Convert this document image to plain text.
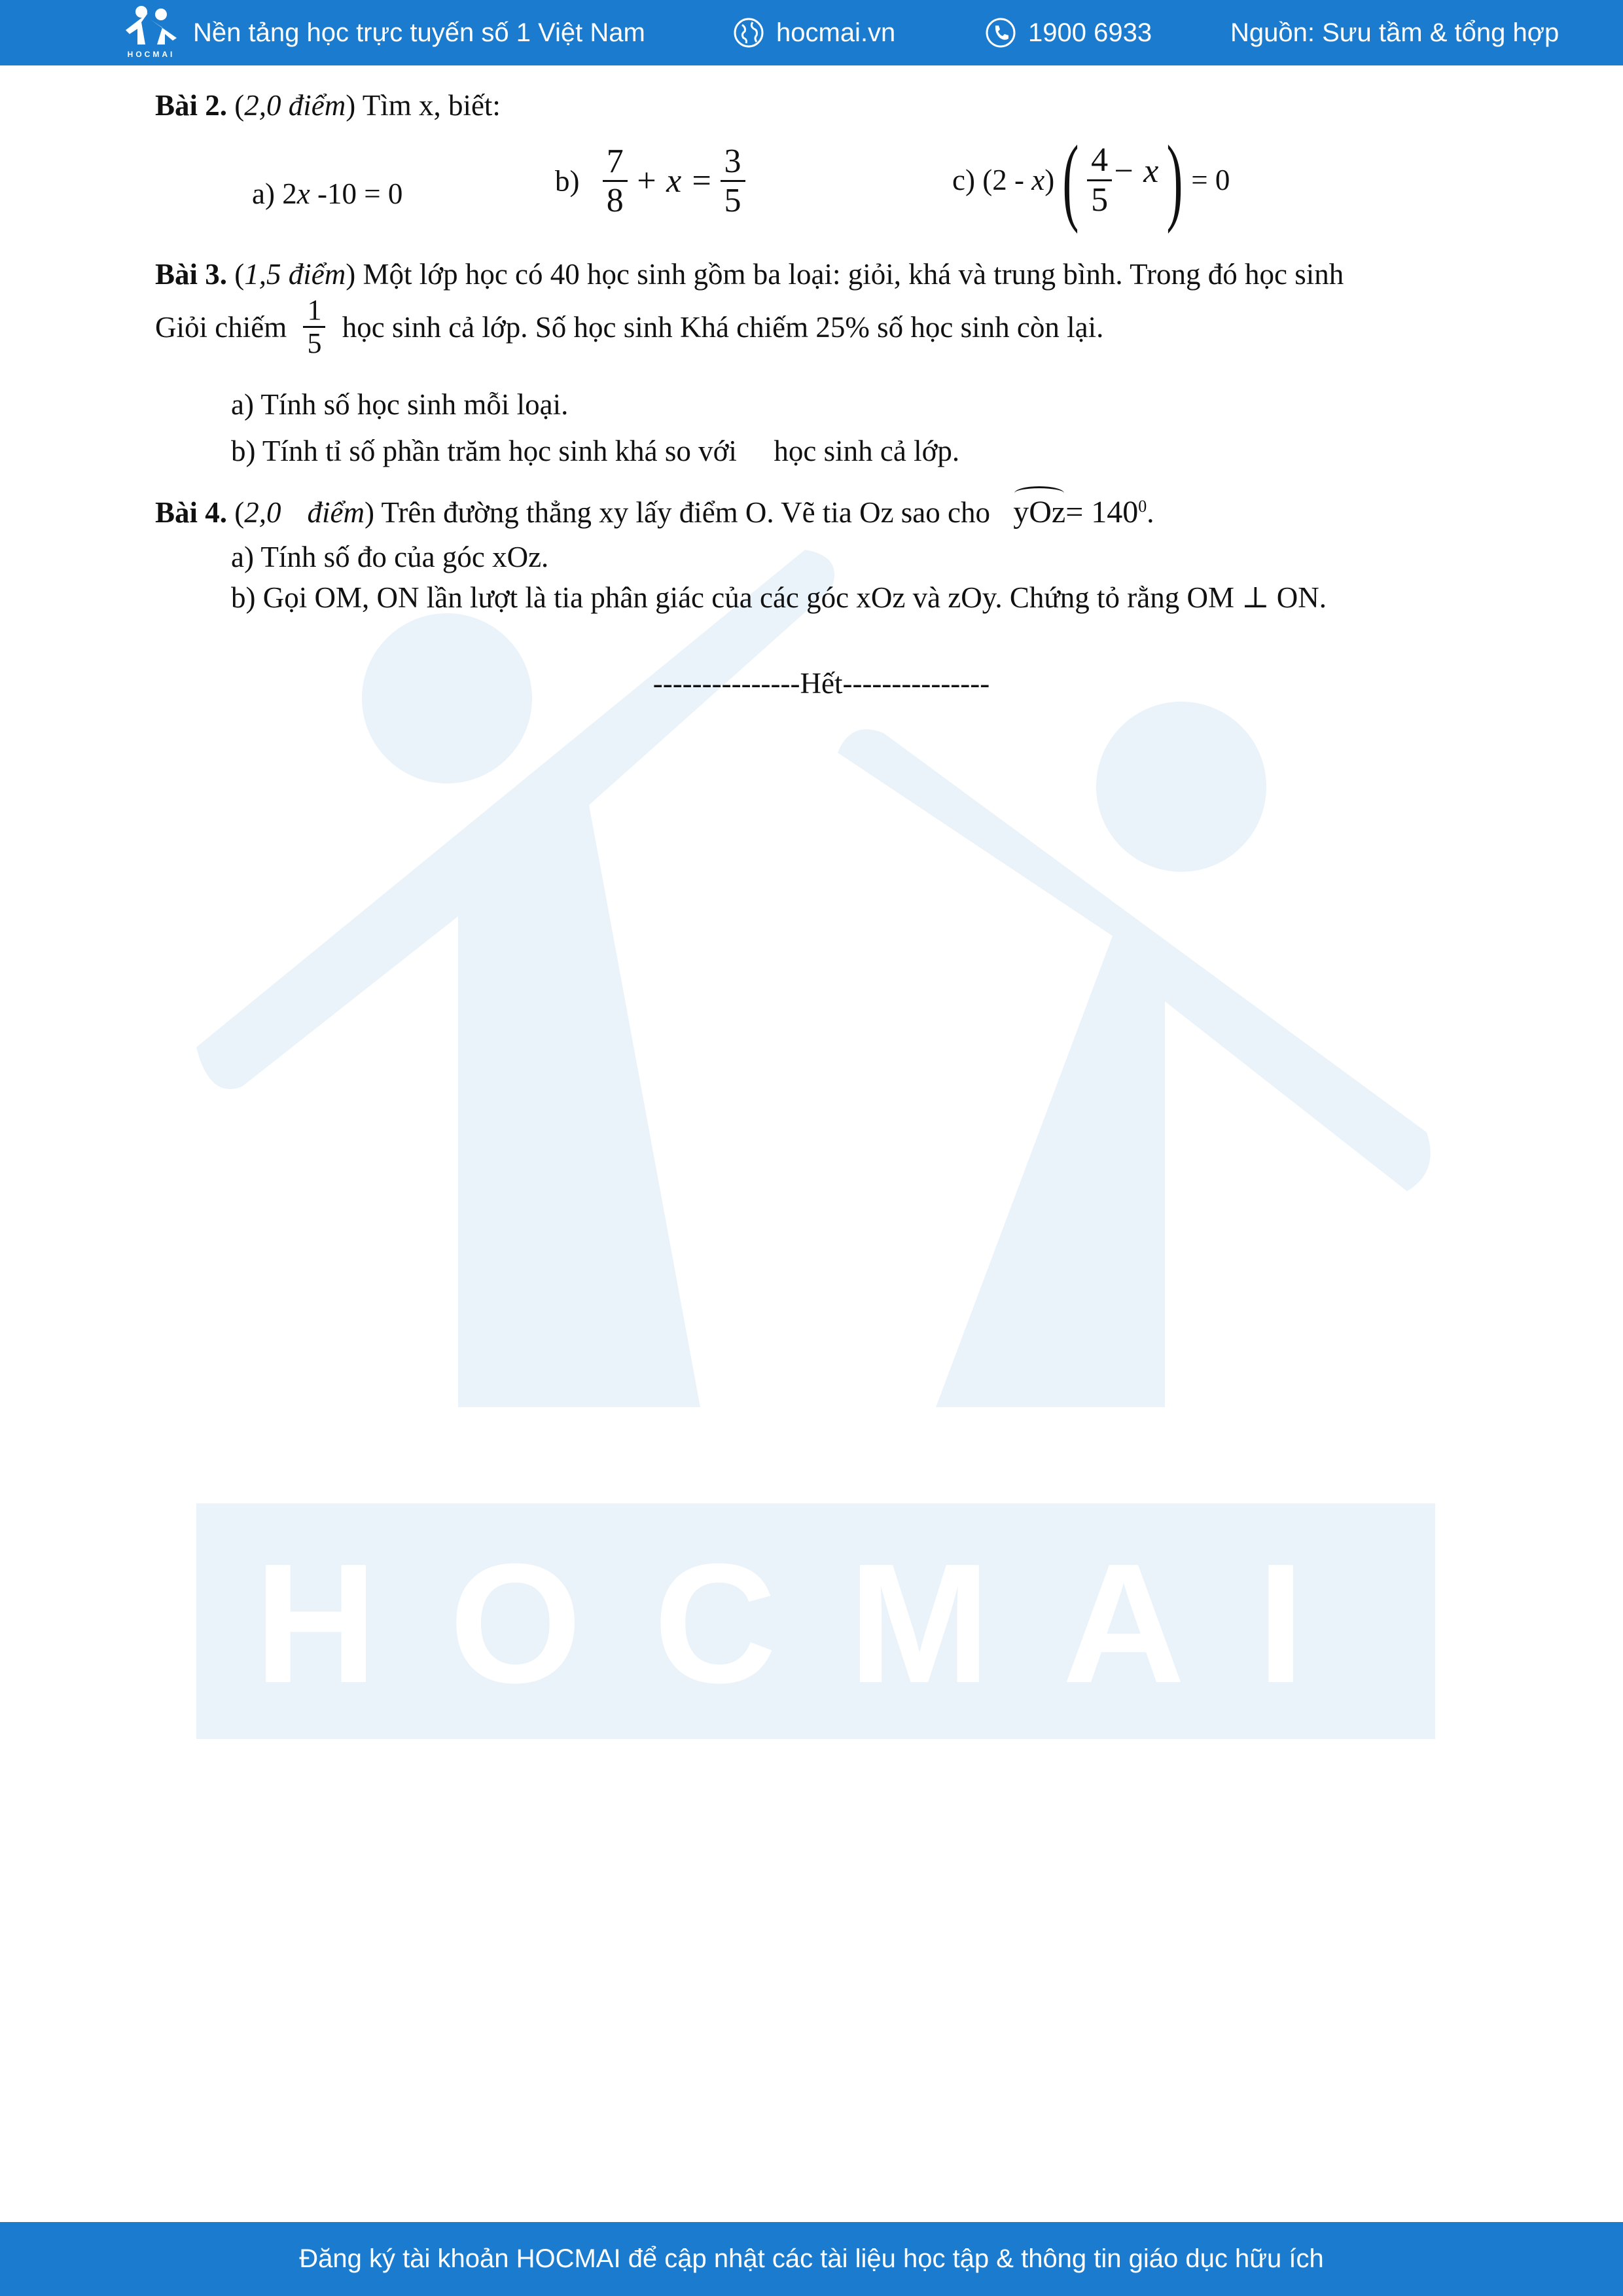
HOCMAI
HOCMAI
Nền tảng học trực tuyến số 1 Việt Nam	hocmai.vn	1900 6933	Nguồn: Sưu tầm & tổng hợp
Bài 2. (2,0 điểm) Tìm x, biết:
a) 2x -10 = 0	$b) \frac{7}{8} + x = \frac{3}{5}$	c) $(2 - x)( \frac{4}{5} - x) = 0$
Bài 3. (1,5 điểm) Một lớp học có 40 học sinh gồm ba loại: giỏi, khá và trung bình. Trong đó học sinh
Giỏi chiếm $\frac{1}{5}$ học sinh cả lớp. Số học sinh Khá chiếm 25% số học sinh còn lại.
a) Tính số học sinh mỗi loại.
b) Tính tỉ số phần trăm học sinh khá so với học sinh cả lớp.
Bài 4. (2,0 điểm) Trên đường thẳng xy lấy điểm O. Vẽ tia Oz sao cho $yOz= 140^0$.
a) Tính số đo của góc xOz.
b) Gọi OM, ON lần lượt là tia phân giác của các góc xOz và zOy. Chứng tỏ rằng OM ⊥ ON.
---------------Hết---------------
Đăng ký tài khoản HOCMAI để cập nhật các tài liệu học tập & thông tin giáo dục hữu ích
